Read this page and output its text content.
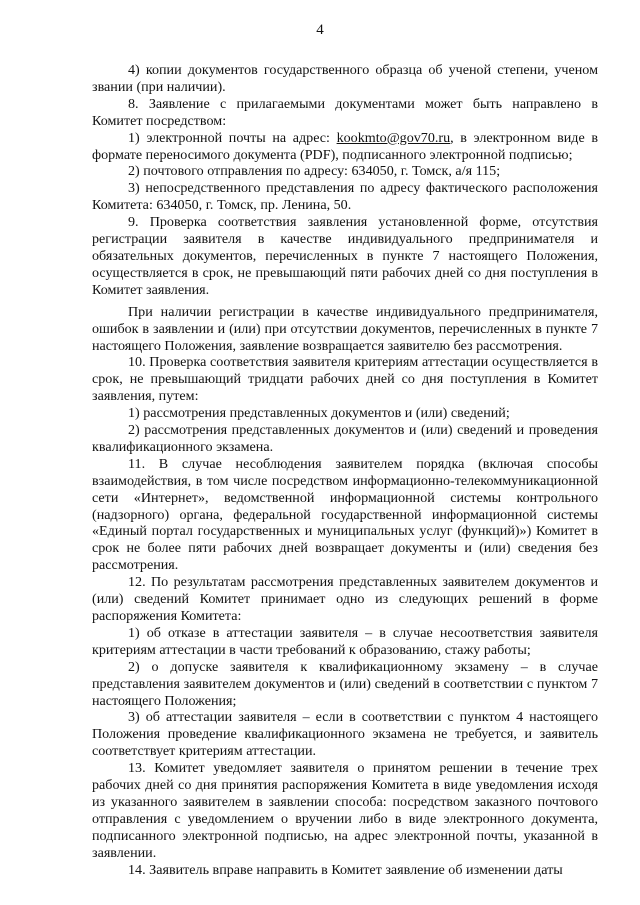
4

4) копии документов государственного образца об ученой степени, ученом звании (при наличии).

8. Заявление с прилагаемыми документами может быть направлено в Комитет посредством:

1) электронной почты на адрес: kookmto@gov70.ru, в электронном виде в формате переносимого документа (PDF), подписанного электронной подписью;

2) почтового отправления по адресу: 634050, г. Томск, а/я 115;

3) непосредственного представления по адресу фактического расположения Комитета: 634050, г. Томск, пр. Ленина, 50.

9. Проверка соответствия заявления установленной форме, отсутствия регистрации заявителя в качестве индивидуального предпринимателя и обязательных документов, перечисленных в пункте 7 настоящего Положения, осуществляется в срок, не превышающий пяти рабочих дней со дня поступления в Комитет заявления.

При наличии регистрации в качестве индивидуального предпринимателя, ошибок в заявлении и (или) при отсутствии документов, перечисленных в пункте 7 настоящего Положения, заявление возвращается заявителю без рассмотрения.

10. Проверка соответствия заявителя критериям аттестации осуществляется в срок, не превышающий тридцати рабочих дней со дня поступления в Комитет заявления, путем:

1) рассмотрения представленных документов и (или) сведений;

2) рассмотрения представленных документов и (или) сведений и проведения квалификационного экзамена.

11. В случае несоблюдения заявителем порядка (включая способы взаимодействия, в том числе посредством информационно-телекоммуникационной сети «Интернет», ведомственной информационной системы контрольного (надзорного) органа, федеральной государственной информационной системы «Единый портал государственных и муниципальных услуг (функций)») Комитет в срок не более пяти рабочих дней возвращает документы и (или) сведения без рассмотрения.

12. По результатам рассмотрения представленных заявителем документов и (или) сведений Комитет принимает одно из следующих решений в форме распоряжения Комитета:

1) об отказе в аттестации заявителя – в случае несоответствия заявителя критериям аттестации в части требований к образованию, стажу работы;

2) о допуске заявителя к квалификационному экзамену – в случае представления заявителем документов и (или) сведений в соответствии с пунктом 7 настоящего Положения;

3) об аттестации заявителя – если в соответствии с пунктом 4 настоящего Положения проведение квалификационного экзамена не требуется, и заявитель соответствует критериям аттестации.

13. Комитет уведомляет заявителя о принятом решении в течение трех рабочих дней со дня принятия распоряжения Комитета в виде уведомления исходя из указанного заявителем в заявлении способа: посредством заказного почтового отправления с уведомлением о вручении либо в виде электронного документа, подписанного электронной подписью, на адрес электронной почты, указанной в заявлении.

14. Заявитель вправе направить в Комитет заявление об изменении даты
